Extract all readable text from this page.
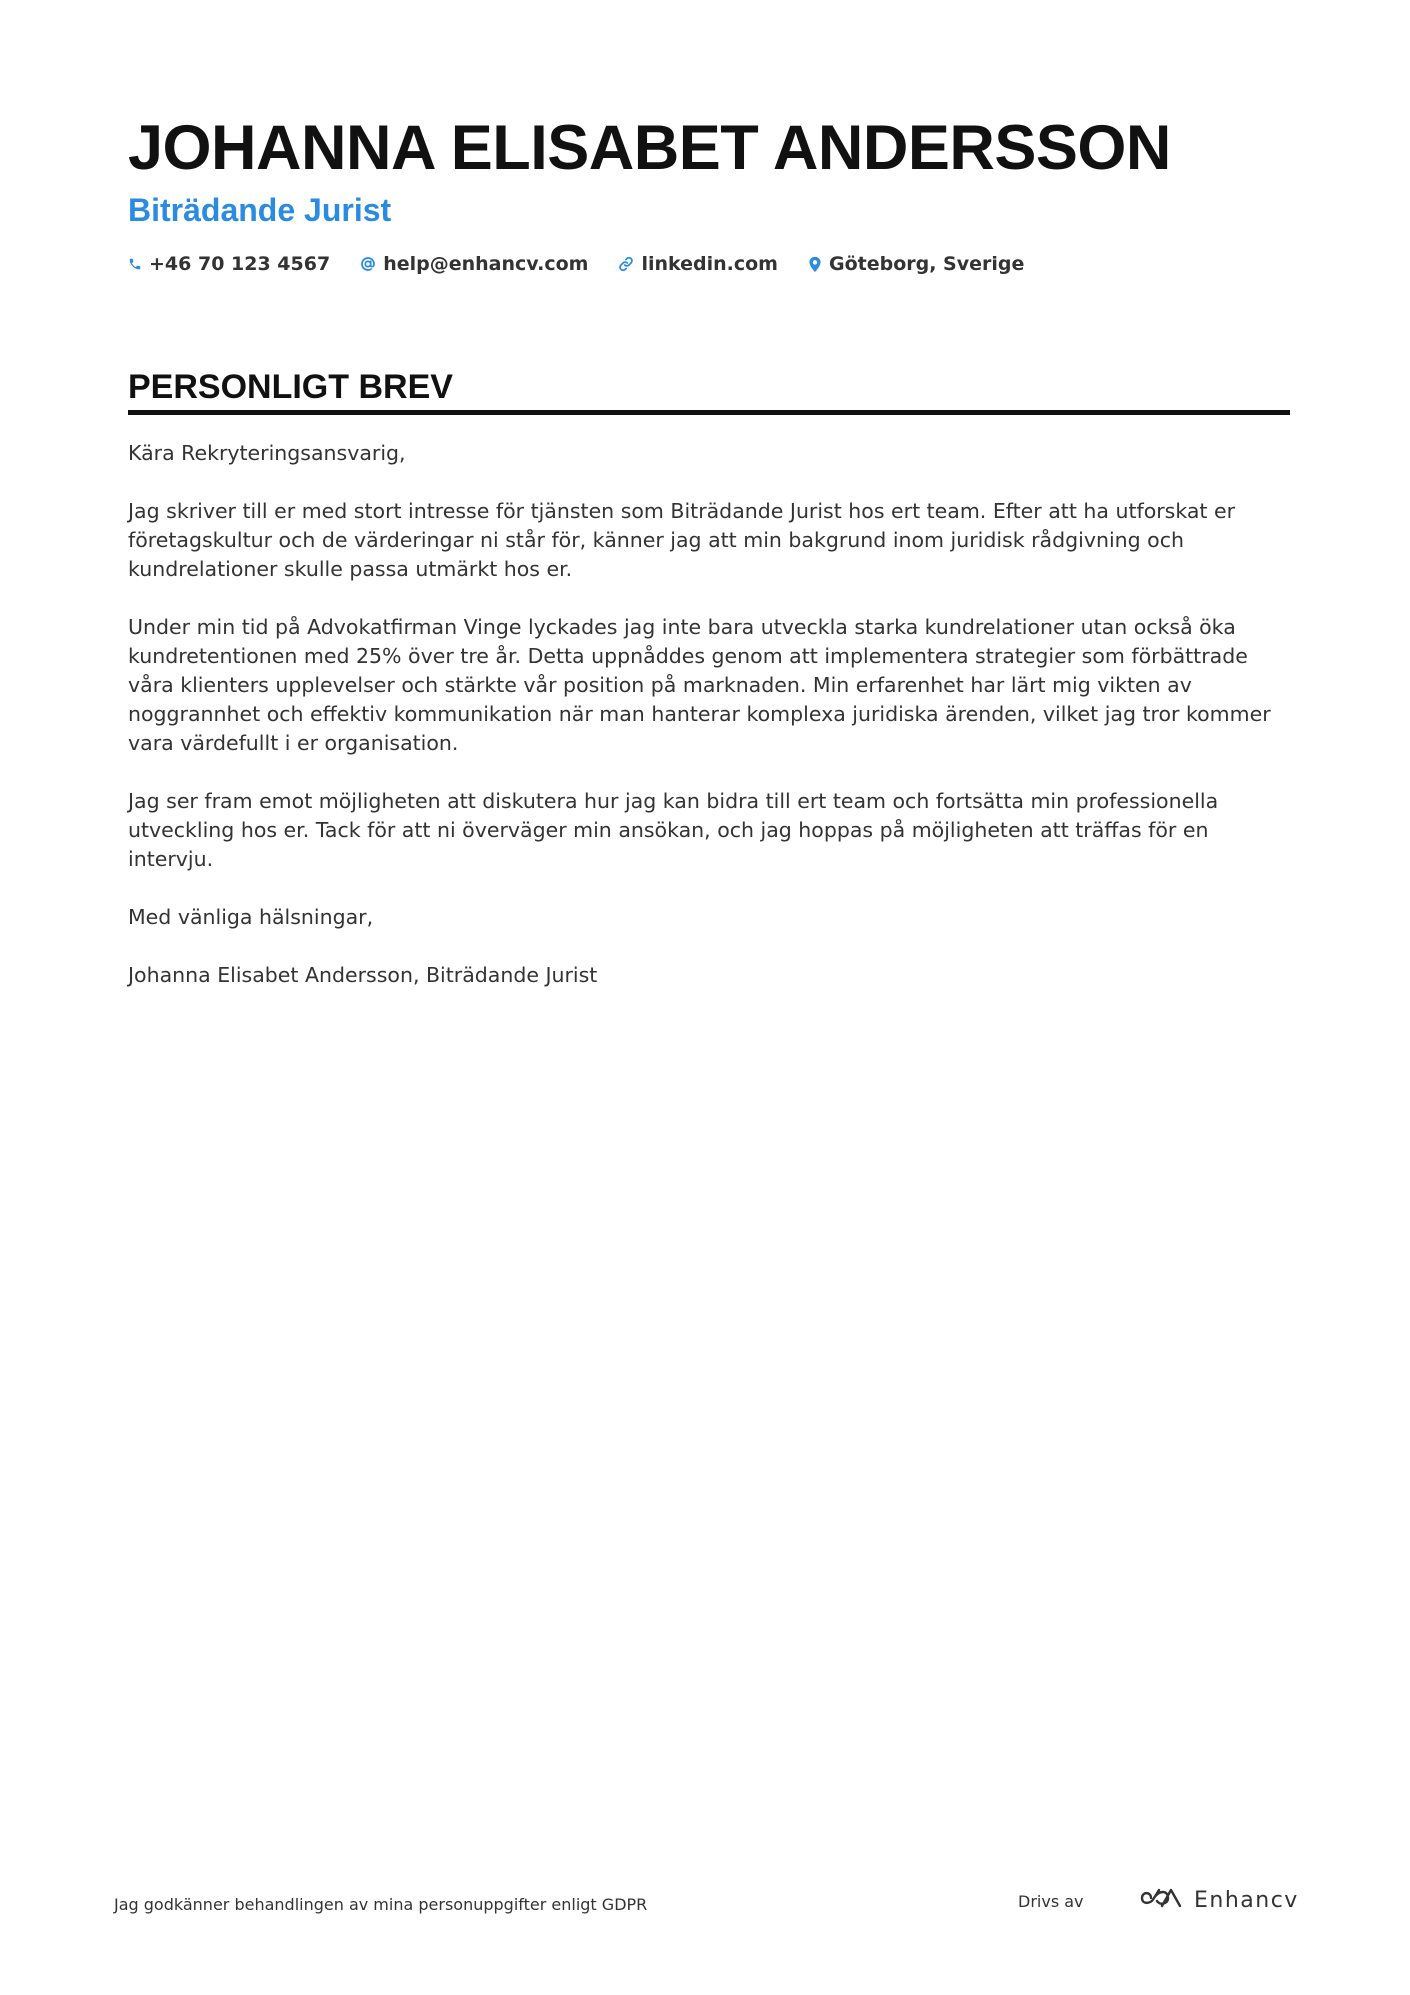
JOHANNA ELISABET ANDERSSON
Biträdande Jurist
+46 70 123 4567	help@enhancv.com	linkedin.com	Göteborg, Sverige
PERSONLIGT BREV

Kära Rekryteringsansvarig,

Jag skriver till er med stort intresse för tjänsten som Biträdande Jurist hos ert team. Efter att ha utforskat er företagskultur och de värderingar ni står för, känner jag att min bakgrund inom juridisk rådgivning och kundrelationer skulle passa utmärkt hos er.

Under min tid på Advokatfirman Vinge lyckades jag inte bara utveckla starka kundrelationer utan också öka kundretentionen med 25% över tre år. Detta uppnåddes genom att implementera strategier som förbättrade våra klienters upplevelser och stärkte vår position på marknaden. Min erfarenhet har lärt mig vikten av noggrannhet och effektiv kommunikation när man hanterar komplexa juridiska ärenden, vilket jag tror kommer vara värdefullt i er organisation.

Jag ser fram emot möjligheten att diskutera hur jag kan bidra till ert team och fortsätta min professionella utveckling hos er. Tack för att ni överväger min ansökan, och jag hoppas på möjligheten att träffas för en intervju.

Med vänliga hälsningar,

Johanna Elisabet Andersson, Biträdande Jurist

Jag godkänner behandlingen av mina personuppgifter enligt GDPR	Drivs av	Enhancv
